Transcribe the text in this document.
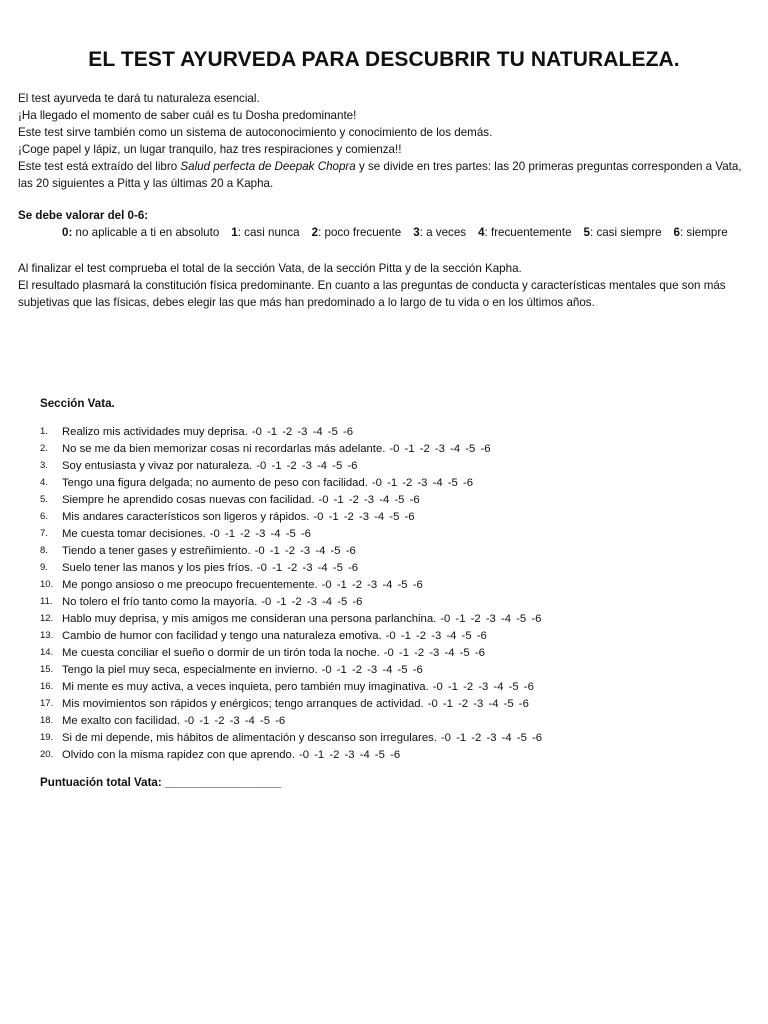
EL TEST AYURVEDA PARA DESCUBRIR TU NATURALEZA.

El test ayurveda te dará tu naturaleza esencial.

¡Ha llegado el momento de saber cuál es tu Dosha predominante!

Este test sirve también como un sistema de autoconocimiento y conocimiento de los demás.

¡Coge papel y lápiz, un lugar tranquilo, haz tres respiraciones y comienza!!

Este test está extraído del libro Salud perfecta de Deepak Chopra y se divide en tres partes: las 20 primeras preguntas corresponden a Vata, las 20 siguientes a Pitta y las últimas 20 a Kapha.

Se debe valorar del 0-6:
0: no aplicable a ti en absoluto 1: casi nunca 2: poco frecuente 3: a veces 4: frecuentemente 5: casi siempre 6: siempre

Al finalizar el test comprueba el total de la sección Vata, de la sección Pitta y de la sección Kapha.

El resultado plasmará la constitución física predominante. En cuanto a las preguntas de conducta y características mentales que son más subjetivas que las físicas, debes elegir las que más han predominado a lo largo de tu vida o en los últimos años.

Sección Vata.
1.	Realizo mis actividades muy deprisa. -0 -1 -2 -3 -4 -5 -6
2.	No se me da bien memorizar cosas ni recordarlas más adelante. -0 -1 -2 -3 -4 -5 -6
3.	Soy entusiasta y vivaz por naturaleza. -0 -1 -2 -3 -4 -5 -6
4.	Tengo una figura delgada; no aumento de peso con facilidad. -0 -1 -2 -3 -4 -5 -6
5.	Siempre he aprendido cosas nuevas con facilidad. -0 -1 -2 -3 -4 -5 -6
6.	Mis andares característicos son ligeros y rápidos. -0 -1 -2 -3 -4 -5 -6
7.	Me cuesta tomar decisiones. -0 -1 -2 -3 -4 -5 -6
8.	Tiendo a tener gases y estreñimiento. -0 -1 -2 -3 -4 -5 -6
9.	Suelo tener las manos y los pies fríos. -0 -1 -2 -3 -4 -5 -6
10. Me pongo ansioso o me preocupo frecuentemente. -0 -1 -2 -3 -4 -5 -6
11. No tolero el frío tanto como la mayoría. -0 -1 -2 -3 -4 -5 -6
12. Hablo muy deprisa, y mis amigos me consideran una persona parlanchina. -0 -1 -2 -3 -4 -5 -6
13. Cambio de humor con facilidad y tengo una naturaleza emotiva. -0 -1 -2 -3 -4 -5 -6
14. Me cuesta conciliar el sueño o dormir de un tirón toda la noche. -0 -1 -2 -3 -4 -5 -6
15. Tengo la piel muy seca, especialmente en invierno. -0 -1 -2 -3 -4 -5 -6
16. Mi mente es muy activa, a veces inquieta, pero también muy imaginativa. -0 -1 -2 -3 -4 -5 -6
17. Mis movimientos son rápidos y enérgicos; tengo arranques de actividad. -0 -1 -2 -3 -4 -5 -6
18. Me exalto con facilidad. -0 -1 -2 -3 -4 -5 -6
19. Si de mi depende, mis hábitos de alimentación y descanso son irregulares. -0 -1 -2 -3 -4 -5 -6
20. Olvido con la misma rapidez con que aprendo. -0 -1 -2 -3 -4 -5 -6
Puntuación total Vata: __________________
